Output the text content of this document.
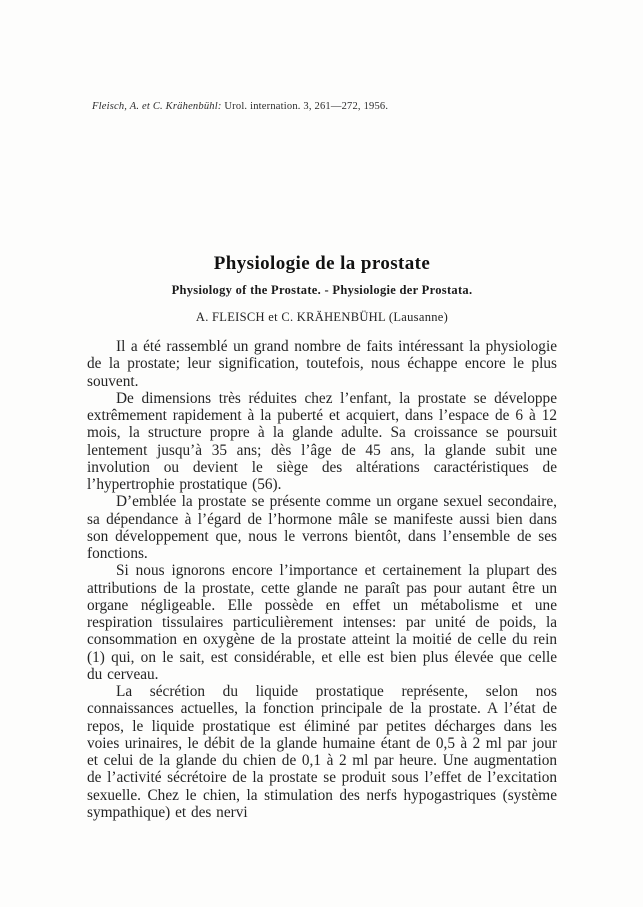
Fleisch, A. et C. Krähenbühl: Urol. internation. 3, 261—272, 1956.
Physiologie de la prostate
Physiology of the Prostate. - Physiologie der Prostata.
A. FLEISCH et C. KRÄHENBÜHL (Lausanne)

Il a été rassemblé un grand nombre de faits intéressant la physiologie de la prostate; leur signification, toutefois, nous échappe encore le plus souvent.

De dimensions très réduites chez l’enfant, la prostate se développe extrêmement rapidement à la puberté et acquiert, dans l’espace de 6 à 12 mois, la structure propre à la glande adulte. Sa croissance se poursuit lentement jusqu’à 35 ans; dès l’âge de 45 ans, la glande subit une involution ou devient le siège des altérations caractéristiques de l’hypertrophie prostatique (56).

D’emblée la prostate se présente comme un organe sexuel secondaire, sa dépendance à l’égard de l’hormone mâle se manifeste aussi bien dans son développement que, nous le verrons bientôt, dans l’ensemble de ses fonctions.

Si nous ignorons encore l’importance et certainement la plupart des attributions de la prostate, cette glande ne paraît pas pour autant être un organe négligeable. Elle possède en effet un métabolisme et une respiration tissulaires particulièrement intenses: par unité de poids, la consommation en oxygène de la prostate atteint la moitié de celle du rein (1) qui, on le sait, est considérable, et elle est bien plus élevée que celle du cerveau.

La sécrétion du liquide prostatique représente, selon nos connaissances actuelles, la fonction principale de la prostate. A l’état de repos, le liquide prostatique est éliminé par petites décharges dans les voies urinaires, le débit de la glande humaine étant de 0,5 à 2 ml par jour et celui de la glande du chien de 0,1 à 2 ml par heure. Une augmentation de l’activité sécrétoire de la prostate se produit sous l’effet de l’excitation sexuelle. Chez le chien, la stimulation des nerfs hypogastriques (système sympathique) et des nervi
